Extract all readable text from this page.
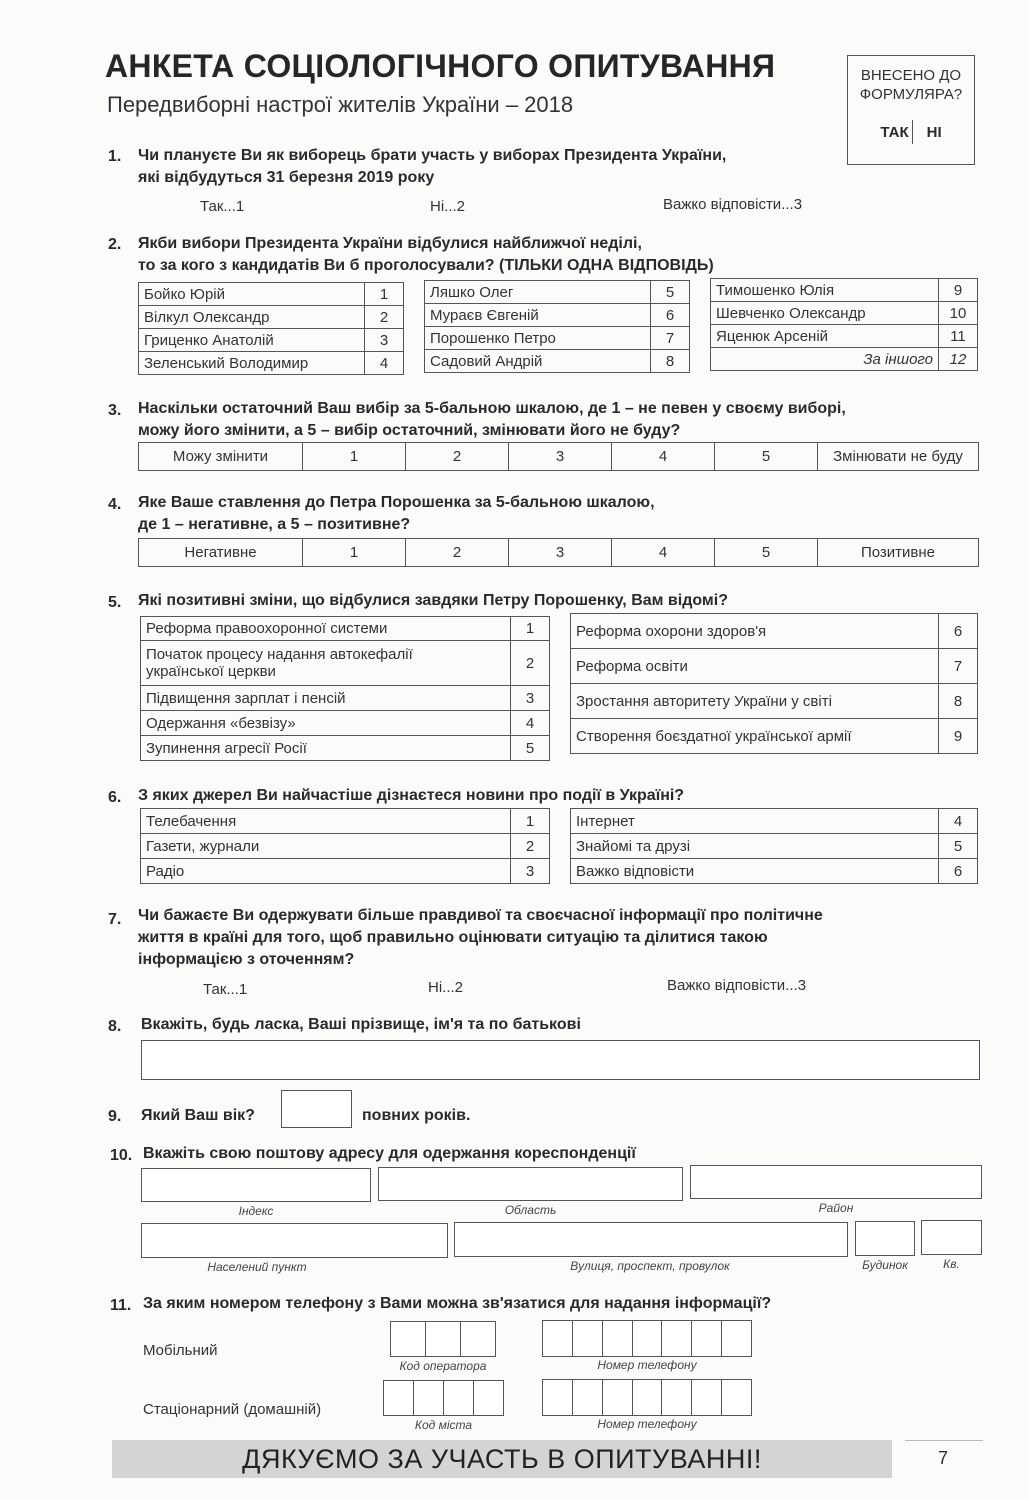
АНКЕТА СОЦІОЛОГІЧНОГО ОПИТУВАННЯ
Передвиборні настрої жителів України – 2018
ВНЕСЕНО ДО
ФОРМУЛЯРА?
ТАК	НІ
1. Чи плануєте Ви як виборець брати участь у виборах Президента України,
які відбудуться 31 березня 2019 року
Так...1	Ні...2	Важко відповісти...3
2. Якби вибори Президента України відбулися найближчої неділі,
то за кого з кандидатів Ви б проголосували? (ТІЛЬКИ ОДНА ВІДПОВІДЬ)
Бойко Юрій	1
Вілкул Олександр	2
Гриценко Анатолій	3
Зеленський Володимир	4
Ляшко Олег	5
Мураєв Євгеній	6
Порошенко Петро	7
Садовий Андрій	8
Тимошенко Юлія	9
Шевченко Олександр	10
Яценюк Арсеній	11
За іншого	12
3. Наскільки остаточний Ваш вибір за 5-бальною шкалою, де 1 – не певен у своєму виборі,
можу його змінити, а 5 – вибір остаточний, змінювати його не буду?
Можу змінити	1	2	3	4	5	Змінювати не буду
4. Яке Ваше ставлення до Петра Порошенка за 5-бальною шкалою,
де 1 – негативне, а 5 – позитивне?
Негативне	1	2	3	4	5	Позитивне
5. Які позитивні зміни, що відбулися завдяки Петру Порошенку, Вам відомі?
Реформа правоохоронної системи	1

Початок процесу надання автокефалії
української церкви	2
Підвищення зарплат і пенсій	3
Одержання «безвізу»	4
Зупинення агресії Росії	5
Реформа охорони здоров'я	6
Реформа освіти	7
Зростання авторитету України у світі	8
Створення боєздатної української армії	9
6. З яких джерел Ви найчастіше дізнаєтеся новини про події в Україні?
Телебачення	1
Газети, журнали	2
Радіо	3
Інтернет	4
Знайомі та друзі	5
Важко відповісти	6
7. Чи бажаєте Ви одержувати більше правдивої та своєчасної інформації про політичне
життя в країні для того, щоб правильно оцінювати ситуацію та ділитися такою
інформацією з оточенням?
Так...1	Ні...2	Важко відповісти...3
8. Вкажіть, будь ласка, Ваші прізвище, ім'я та по батькові
9. Який Ваш вік?	повних років.
10. Вкажіть свою поштову адресу для одержання кореспонденції
Індекс	Область	Район
Населений пункт	Вулиця, проспект, провулок	Будинок	Кв.
11. За яким номером телефону з Вами можна зв'язатися для надання інформації?
Мобільний
Код оператора	Номер телефону
Стаціонарний (домашній)
Код міста	Номер телефону
ДЯКУЄМО ЗА УЧАСТЬ В ОПИТУВАННІ!	7
